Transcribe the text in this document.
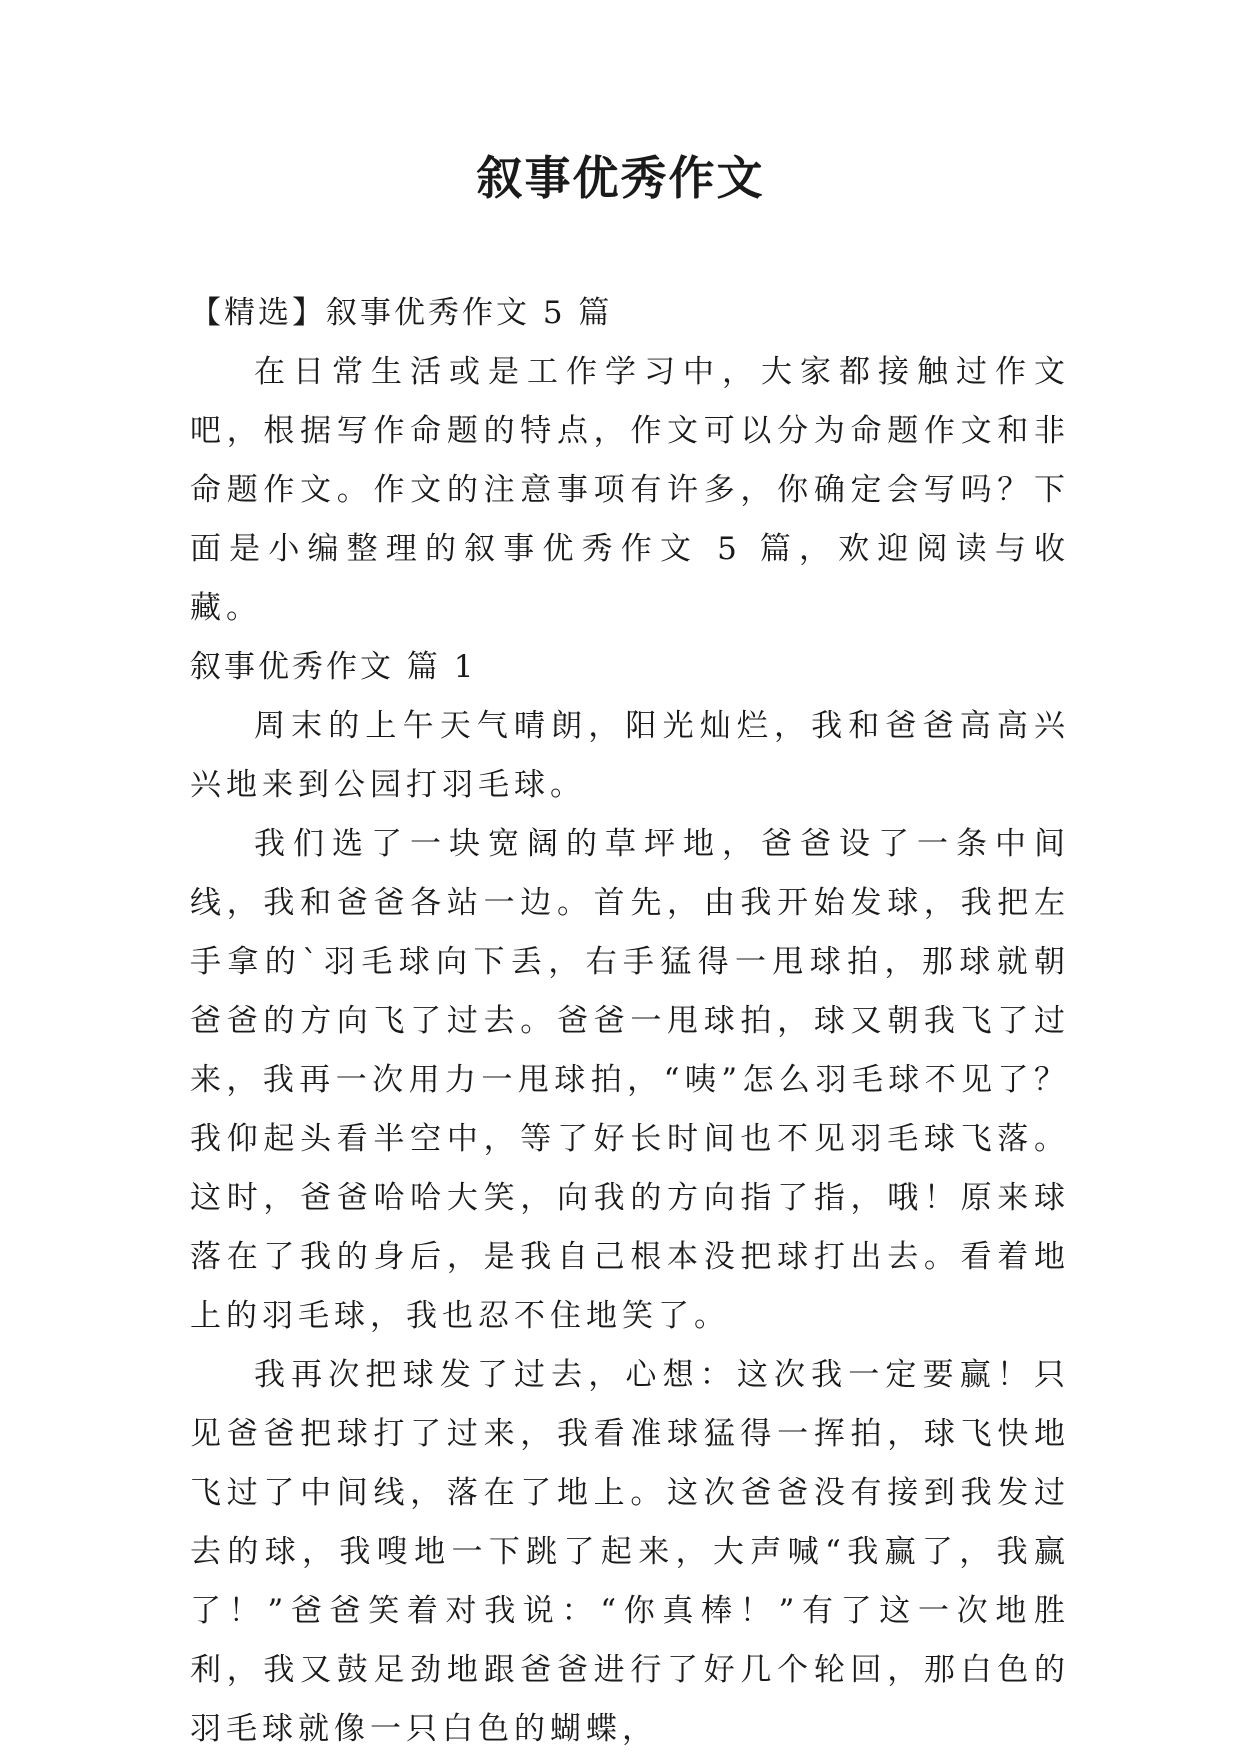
叙事优秀作文

【精选】叙事优秀作文 5 篇

在日常生活或是工作学习中，大家都接触过作文吧，根据写作命题的特点，作文可以分为命题作文和非命题作文。作文的注意事项有许多，你确定会写吗？下面是小编整理的叙事优秀作文 5 篇，欢迎阅读与收藏。

叙事优秀作文 篇 1

周末的上午天气晴朗，阳光灿烂，我和爸爸高高兴兴地来到公园打羽毛球。

我们选了一块宽阔的草坪地，爸爸设了一条中间线，我和爸爸各站一边。首先，由我开始发球，我把左手拿的`羽毛球向下丢，右手猛得一甩球拍，那球就朝爸爸的方向飞了过去。爸爸一甩球拍，球又朝我飞了过来，我再一次用力一甩球拍，“咦”怎么羽毛球不见了？我仰起头看半空中，等了好长时间也不见羽毛球飞落。这时，爸爸哈哈大笑，向我的方向指了指，哦！原来球落在了我的身后，是我自己根本没把球打出去。看着地上的羽毛球，我也忍不住地笑了。

我再次把球发了过去，心想：这次我一定要赢！只见爸爸把球打了过来，我看准球猛得一挥拍，球飞快地飞过了中间线，落在了地上。这次爸爸没有接到我发过去的球，我嗖地一下跳了起来，大声喊“我赢了，我赢了！”爸爸笑着对我说：“你真棒！”有了这一次地胜利，我又鼓足劲地跟爸爸进行了好几个轮回，那白色的羽毛球就像一只白色的蝴蝶，
